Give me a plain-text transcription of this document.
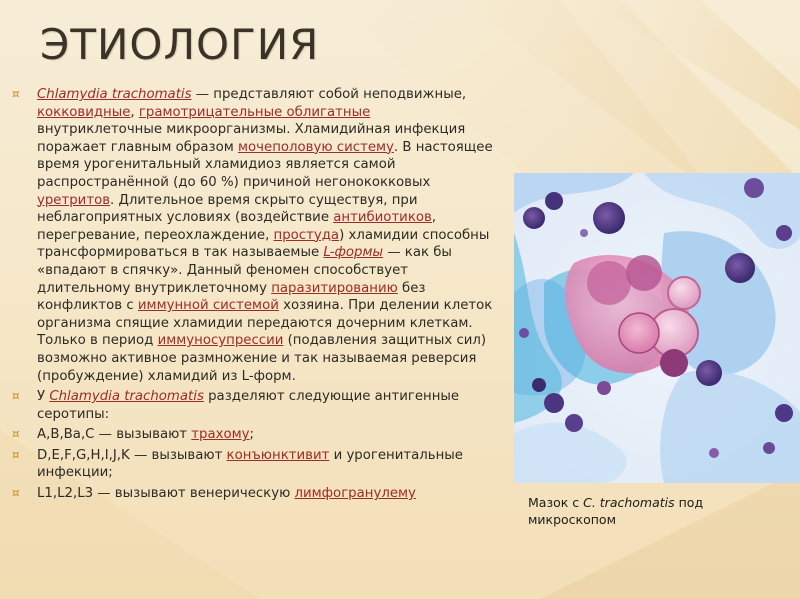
ЭТИОЛОГИЯ
¤ Chlamydia trachomatis — представляют собой неподвижные, кокковидные, грамотрицательные облигатные внутриклеточные микроорганизмы. Хламидийная инфекция поражает главным образом мочеполовую систему. В настоящее время урогенитальный хламидиоз является самой распространённой (до 60 %) причиной негонококковых уретритов. Длительное время скрыто существуя, при неблагоприятных условиях (воздействие антибиотиков, перегревание, переохлаждение, простуда) хламидии способны трансформироваться в так называемые L-формы — как бы «впадают в спячку». Данный феномен способствует длительному внутриклеточному паразитированию без конфликтов с иммунной системой хозяина. При делении клеток организма спящие хламидии передаются дочерним клеткам. Только в период иммуносупрессии (подавления защитных сил) возможно активное размножение и так называемая реверсия (пробуждение) хламидий из L-форм.
¤ У Chlamydia trachomatis разделяют следующие антигенные серотипы:
¤ A,B,Ba,C — вызывают трахому;
¤ D,E,F,G,H,I,J,K — вызывают конъюнктивит и урогенитальные инфекции;
¤ L1,L2,L3 — вызывают венерическую лимфогранулему
Мазок с C. trachomatis под микроскопом
